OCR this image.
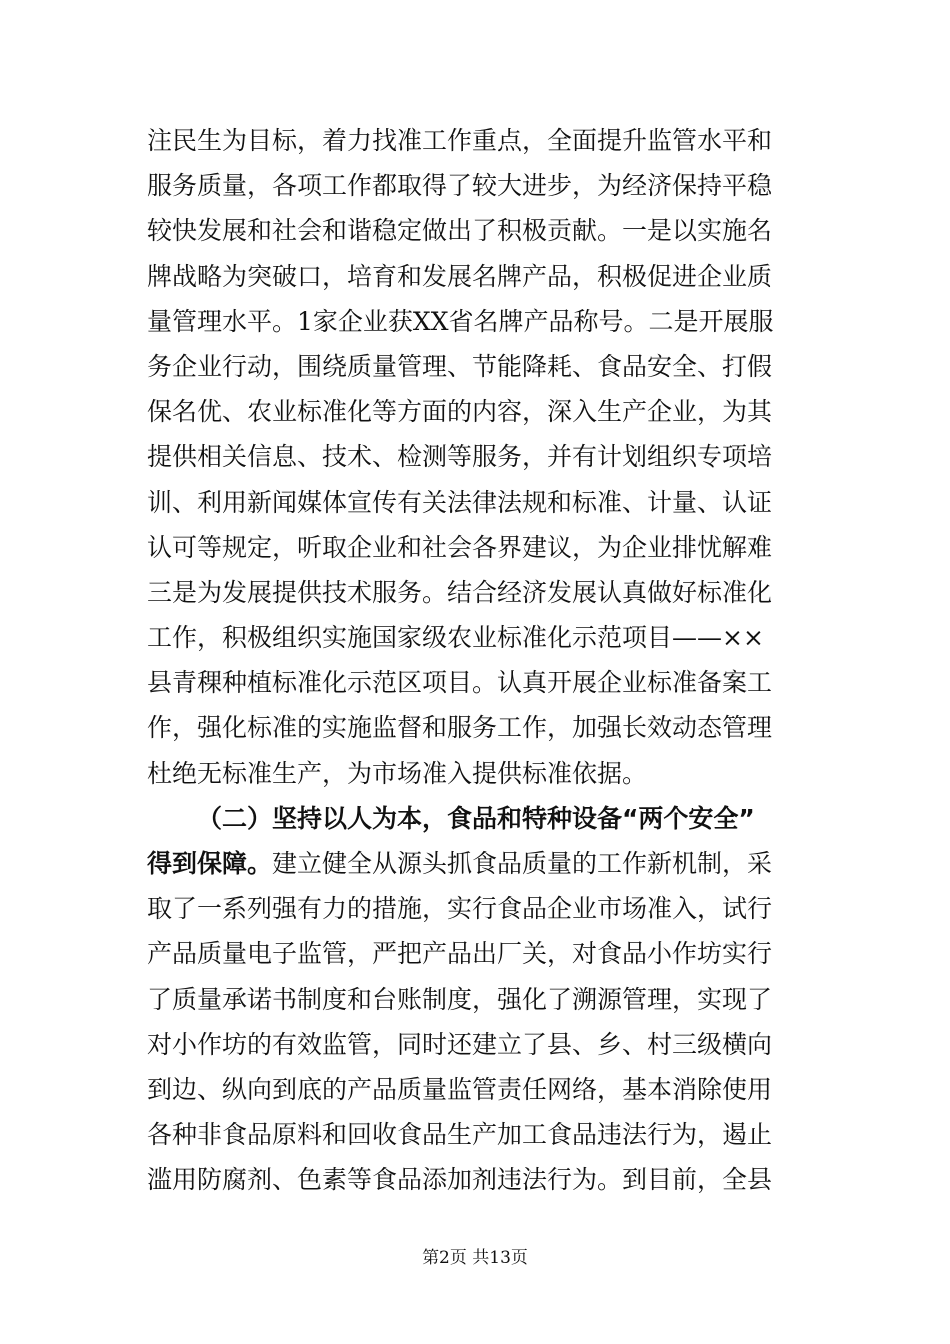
注民生为目标，着力找准工作重点，全面提升监管水平和
服务质量，各项工作都取得了较大进步，为经济保持平稳
较快发展和社会和谐稳定做出了积极贡献。一是以实施名
牌战略为突破口，培育和发展名牌产品，积极促进企业质
量管理水平。1家企业获XX省名牌产品称号。二是开展服
务企业行动，围绕质量管理、节能降耗、食品安全、打假
保名优、农业标准化等方面的内容，深入生产企业，为其
提供相关信息、技术、检测等服务，并有计划组织专项培
训、利用新闻媒体宣传有关法律法规和标准、计量、认证
认可等规定，听取企业和社会各界建议，为企业排忧解难
三是为发展提供技术服务。结合经济发展认真做好标准化
工作，积极组织实施国家级农业标准化示范项目——××
县青稞种植标准化示范区项目。认真开展企业标准备案工
作，强化标准的实施监督和服务工作，加强长效动态管理
杜绝无标准生产，为市场准入提供标准依据。
（二）坚持以人为本，食品和特种设备“两个安全”
得到保障。建立健全从源头抓食品质量的工作新机制，采
取了一系列强有力的措施，实行食品企业市场准入，试行
产品质量电子监管，严把产品出厂关，对食品小作坊实行
了质量承诺书制度和台账制度，强化了溯源管理，实现了
对小作坊的有效监管，同时还建立了县、乡、村三级横向
到边、纵向到底的产品质量监管责任网络，基本消除使用
各种非食品原料和回收食品生产加工食品违法行为，遏止
滥用防腐剂、色素等食品添加剂违法行为。到目前，全县
第2页 共13页
